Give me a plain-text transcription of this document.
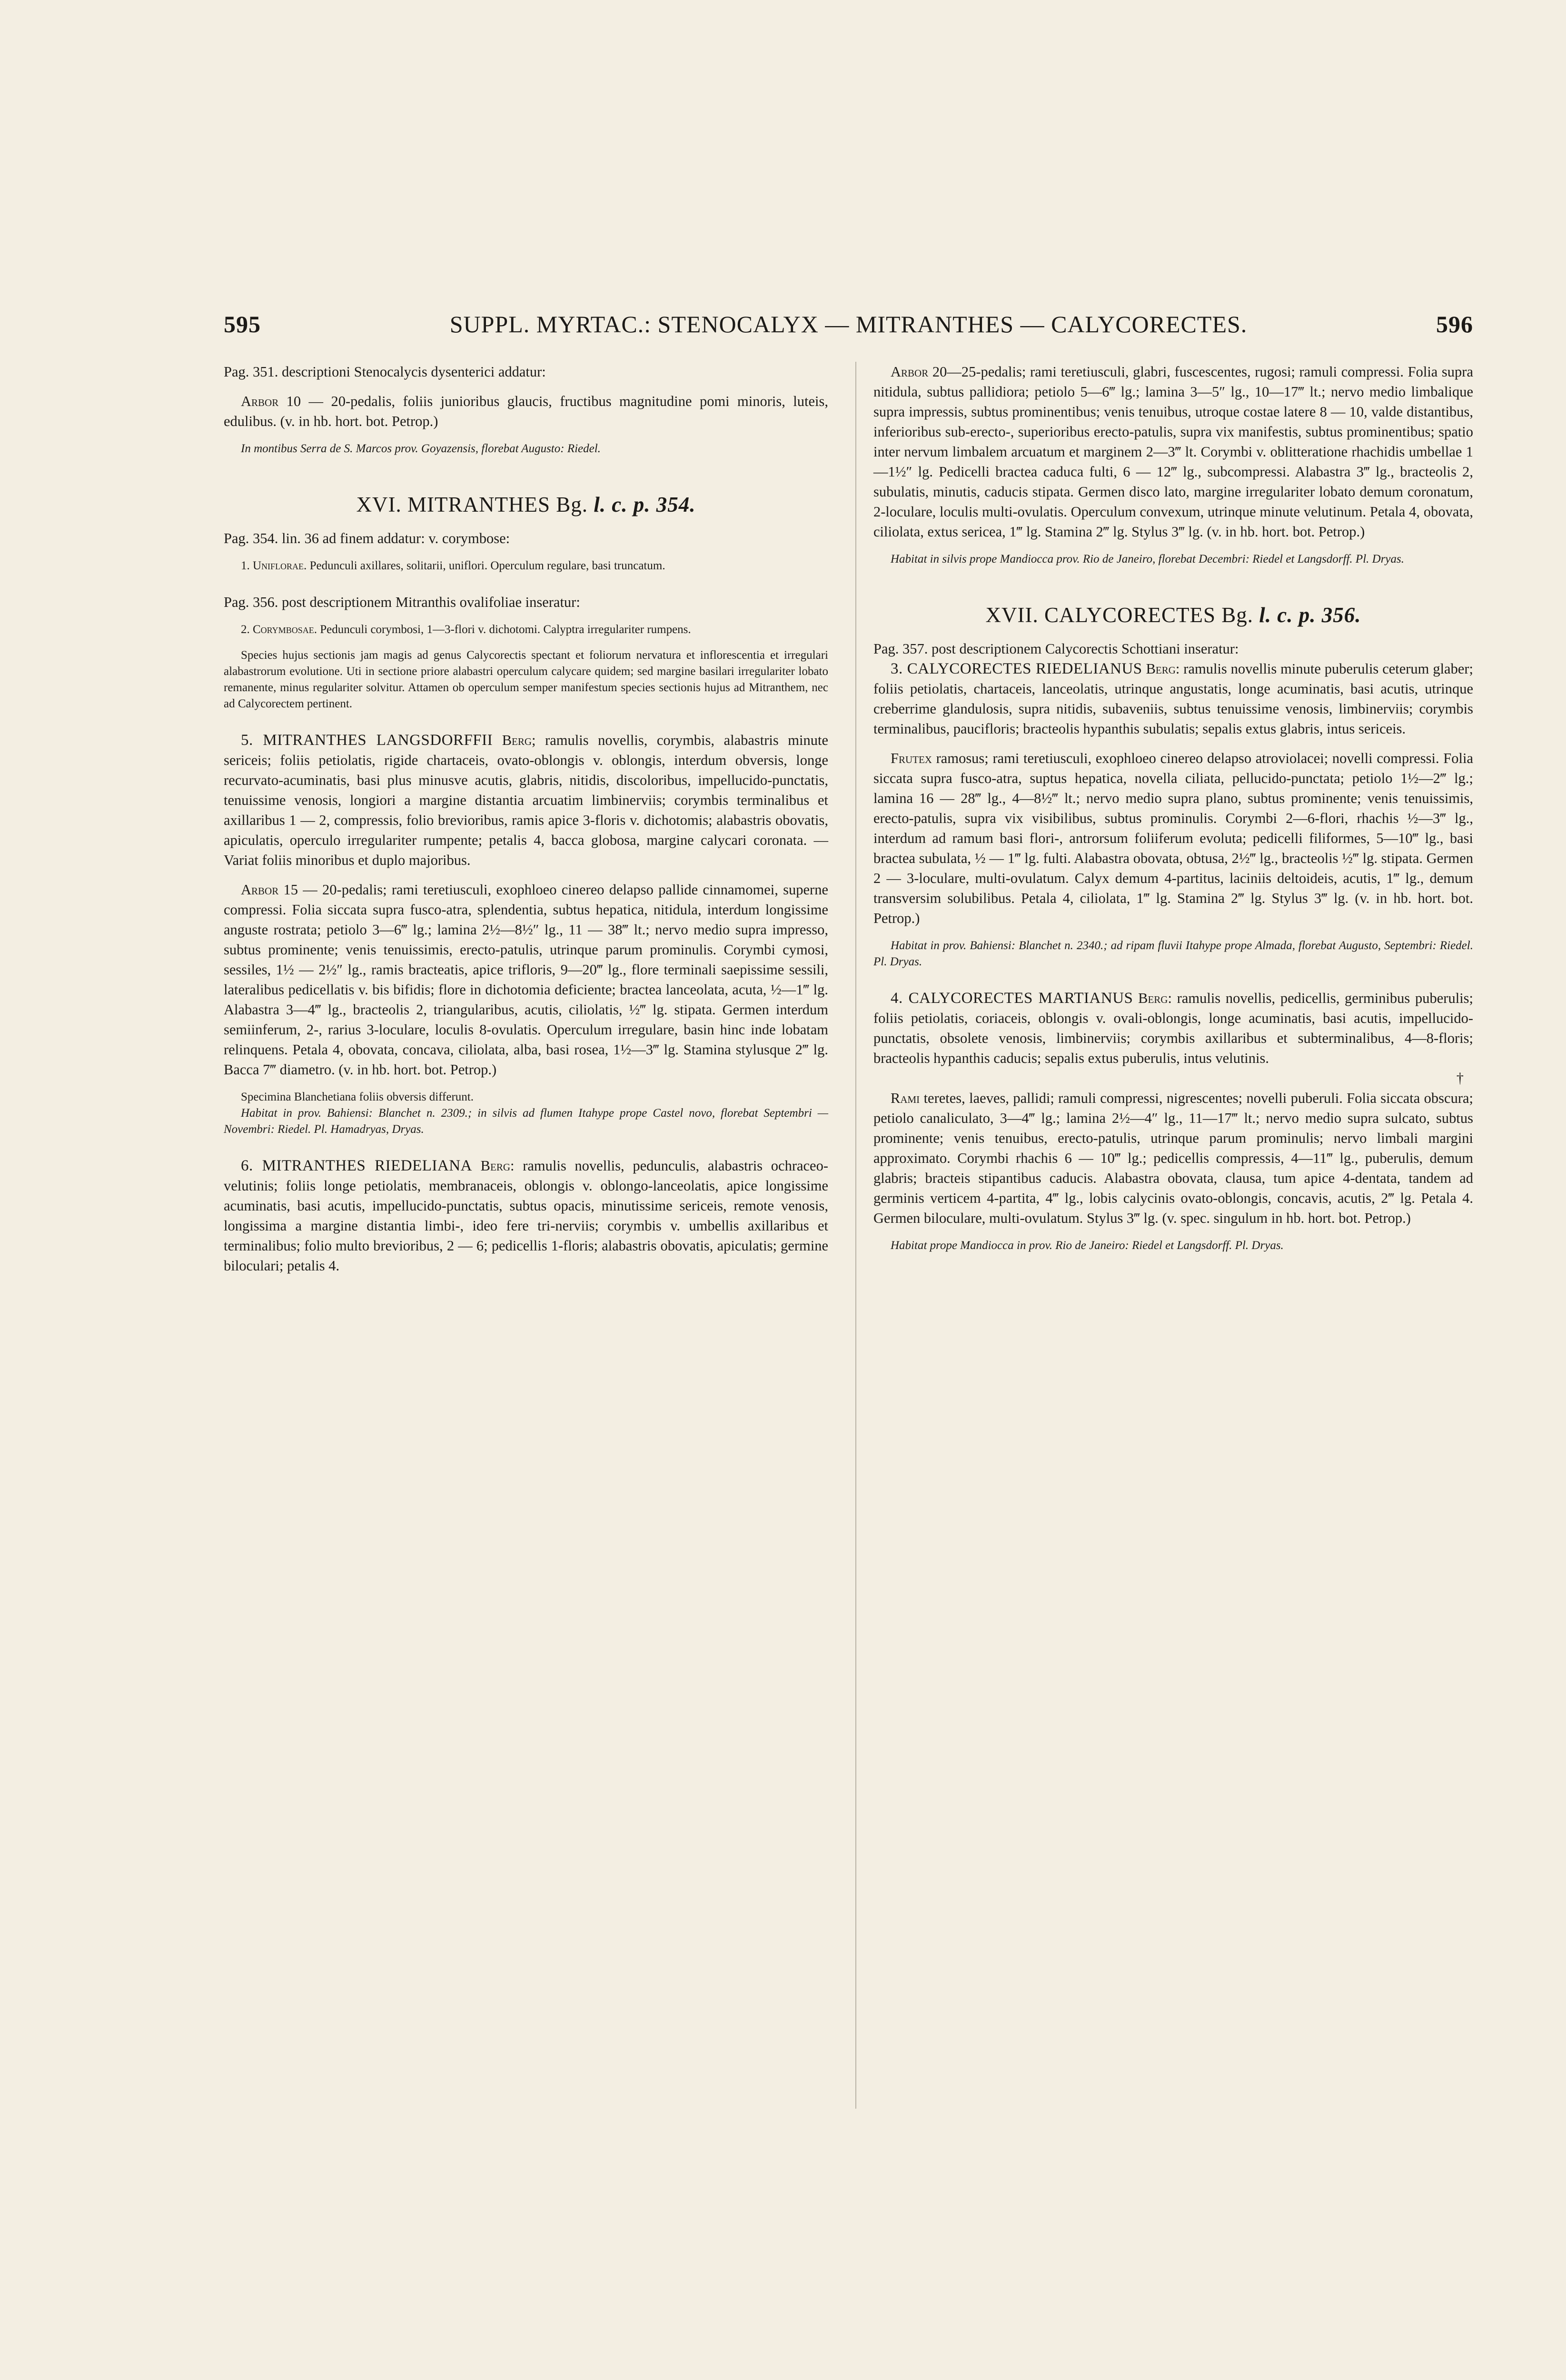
595	SUPPL. MYRTAC.: STENOCALYX — MITRANTHES — CALYCORECTES.	596

Pag. 351. descriptioni Stenocalycis dysenterici addatur:

Arbor 10 — 20-pedalis, foliis junioribus glaucis, fructibus magnitudine pomi minoris, luteis, edulibus. (v. in hb. hort. bot. Petrop.)

In montibus Serra de S. Marcos prov. Goyazensis, florebat Augusto: Riedel.

XVI. MITRANTHES Bg. l. c. p. 354.

Pag. 354. lin. 36 ad finem addatur: v. corymbose:

1. Uniflorae. Pedunculi axillares, solitarii, uniflori. Operculum regulare, basi truncatum.

Pag. 356. post descriptionem Mitranthis ovalifoliae inseratur:

2. Corymbosae. Pedunculi corymbosi, 1—3-flori v. dichotomi. Calyptra irregulariter rumpens.

Species hujus sectionis jam magis ad genus Calycorectis spectant et foliorum nervatura et inflorescentia et irregulari alabastrorum evolutione. Uti in sectione priore alabastri operculum calycare quidem; sed margine basilari irregulariter lobato remanente, minus regulariter solvitur. Attamen ob operculum semper manifestum species sectionis hujus ad Mitranthem, nec ad Calycorectem pertinent.

5. MITRANTHES LANGSDORFFII Berg; ramulis novellis, corymbis, alabastris minute sericeis; foliis petiolatis, rigide chartaceis, ovato-oblongis v. oblongis, interdum obversis, longe recurvato-acuminatis, basi plus minusve acutis, glabris, nitidis, discoloribus, impellucido-punctatis, tenuissime venosis, longiori a margine distantia arcuatim limbinerviis; corymbis terminalibus et axillaribus 1 — 2, compressis, folio brevioribus, ramis apice 3-floris v. dichotomis; alabastris obovatis, apiculatis, operculo irregulariter rumpente; petalis 4, bacca globosa, margine calycari coronata. — Variat foliis minoribus et duplo majoribus.

Arbor 15 — 20-pedalis; rami teretiusculi, exophloeo cinereo delapso pallide cinnamomei, superne compressi. Folia siccata supra fusco-atra, splendentia, subtus hepatica, nitidula, interdum longissime anguste rostrata; petiolo 3—6‴ lg.; lamina 2½—8½″ lg., 11 — 38‴ lt.; nervo medio supra impresso, subtus prominente; venis tenuissimis, erecto-patulis, utrinque parum prominulis. Corymbi cymosi, sessiles, 1½ — 2½″ lg., ramis bracteatis, apice trifloris, 9—20‴ lg., flore terminali saepissime sessili, lateralibus pedicellatis v. bis bifidis; flore in dichotomia deficiente; bractea lanceolata, acuta, ½—1‴ lg. Alabastra 3—4‴ lg., bracteolis 2, triangularibus, acutis, ciliolatis, ½‴ lg. stipata. Germen interdum semiinferum, 2-, rarius 3-loculare, loculis 8-ovulatis. Operculum irregulare, basin hinc inde lobatam relinquens. Petala 4, obovata, concava, ciliolata, alba, basi rosea, 1½—3‴ lg. Stamina stylusque 2‴ lg. Bacca 7‴ diametro. (v. in hb. hort. bot. Petrop.)

Specimina Blanchetiana foliis obversis differunt.

Habitat in prov. Bahiensi: Blanchet n. 2309.; in silvis ad flumen Itahype prope Castel novo, florebat Septembri — Novembri: Riedel. Pl. Hamadryas, Dryas.

6. MITRANTHES RIEDELIANA Berg: ramulis novellis, pedunculis, alabastris ochraceo-velutinis; foliis longe petiolatis, membranaceis, oblongis v. oblongo-lanceolatis, apice longissime acuminatis, basi acutis, impellucido-punctatis, subtus opacis, minutissime sericeis, remote venosis, longissima a margine distantia limbi-, ideo fere tri-nerviis; corymbis v. umbellis axillaribus et terminalibus; folio multo brevioribus, 2 — 6; pedicellis 1-floris; alabastris obovatis, apiculatis; germine biloculari; petalis 4.

Arbor 20—25-pedalis; rami teretiusculi, glabri, fuscescentes, rugosi; ramuli compressi. Folia supra nitidula, subtus pallidiora; petiolo 5—6‴ lg.; lamina 3—5″ lg., 10—17‴ lt.; nervo medio limbalique supra impressis, subtus prominentibus; venis tenuibus, utroque costae latere 8 — 10, valde distantibus, inferioribus sub-erecto-, superioribus erecto-patulis, supra vix manifestis, subtus prominentibus; spatio inter nervum limbalem arcuatum et marginem 2—3‴ lt. Corymbi v. oblitteratione rhachidis umbellae 1—1½″ lg. Pedicelli bractea caduca fulti, 6 — 12‴ lg., subcompressi. Alabastra 3‴ lg., bracteolis 2, subulatis, minutis, caducis stipata. Germen disco lato, margine irregulariter lobato demum coronatum, 2-loculare, loculis multi-ovulatis. Operculum convexum, utrinque minute velutinum. Petala 4, obovata, ciliolata, extus sericea, 1‴ lg. Stamina 2‴ lg. Stylus 3‴ lg. (v. in hb. hort. bot. Petrop.)

Habitat in silvis prope Mandiocca prov. Rio de Janeiro, florebat Decembri: Riedel et Langsdorff. Pl. Dryas.

XVII. CALYCORECTES Bg. l. c. p. 356.

Pag. 357. post descriptionem Calycorectis Schottiani inseratur:

3. CALYCORECTES RIEDELIANUS Berg: ramulis novellis minute puberulis ceterum glaber; foliis petiolatis, chartaceis, lanceolatis, utrinque angustatis, longe acuminatis, basi acutis, utrinque creberrime glandulosis, supra nitidis, subaveniis, subtus tenuissime venosis, limbinerviis; corymbis terminalibus, paucifloris; bracteolis hypanthis subulatis; sepalis extus glabris, intus sericeis.

Frutex ramosus; rami teretiusculi, exophloeo cinereo delapso atroviolacei; novelli compressi. Folia siccata supra fusco-atra, suptus hepatica, novella ciliata, pellucido-punctata; petiolo 1½—2‴ lg.; lamina 16 — 28‴ lg., 4—8½‴ lt.; nervo medio supra plano, subtus prominente; venis tenuissimis, erecto-patulis, supra vix visibilibus, subtus prominulis. Corymbi 2—6-flori, rhachis ½—3‴ lg., interdum ad ramum basi flori-, antrorsum foliiferum evoluta; pedicelli filiformes, 5—10‴ lg., basi bractea subulata, ½ — 1‴ lg. fulti. Alabastra obovata, obtusa, 2½‴ lg., bracteolis ½‴ lg. stipata. Germen 2 — 3-loculare, multi-ovulatum. Calyx demum 4-partitus, laciniis deltoideis, acutis, 1‴ lg., demum transversim solubilibus. Petala 4, ciliolata, 1‴ lg. Stamina 2‴ lg. Stylus 3‴ lg. (v. in hb. hort. bot. Petrop.)

Habitat in prov. Bahiensi: Blanchet n. 2340.; ad ripam fluvii Itahype prope Almada, florebat Augusto, Septembri: Riedel. Pl. Dryas.

4. CALYCORECTES MARTIANUS Berg: ramulis novellis, pedicellis, germinibus puberulis; foliis petiolatis, coriaceis, oblongis v. ovali-oblongis, longe acuminatis, basi acutis, impellucido-punctatis, obsolete venosis, limbinerviis; corymbis axillaribus et subterminalibus, 4—8-floris; bracteolis hypanthis caducis; sepalis extus puberulis, intus velutinis.

†

Rami teretes, laeves, pallidi; ramuli compressi, nigrescentes; novelli puberuli. Folia siccata obscura; petiolo canaliculato, 3—4‴ lg.; lamina 2½—4″ lg., 11—17‴ lt.; nervo medio supra sulcato, subtus prominente; venis tenuibus, erecto-patulis, utrinque parum prominulis; nervo limbali margini approximato. Corymbi rhachis 6 — 10‴ lg.; pedicellis compressis, 4—11‴ lg., puberulis, demum glabris; bracteis stipantibus caducis. Alabastra obovata, clausa, tum apice 4-dentata, tandem ad germinis verticem 4-partita, 4‴ lg., lobis calycinis ovato-oblongis, concavis, acutis, 2‴ lg. Petala 4. Germen biloculare, multi-ovulatum. Stylus 3‴ lg. (v. spec. singulum in hb. hort. bot. Petrop.)

Habitat prope Mandiocca in prov. Rio de Janeiro: Riedel et Langsdorff. Pl. Dryas.
